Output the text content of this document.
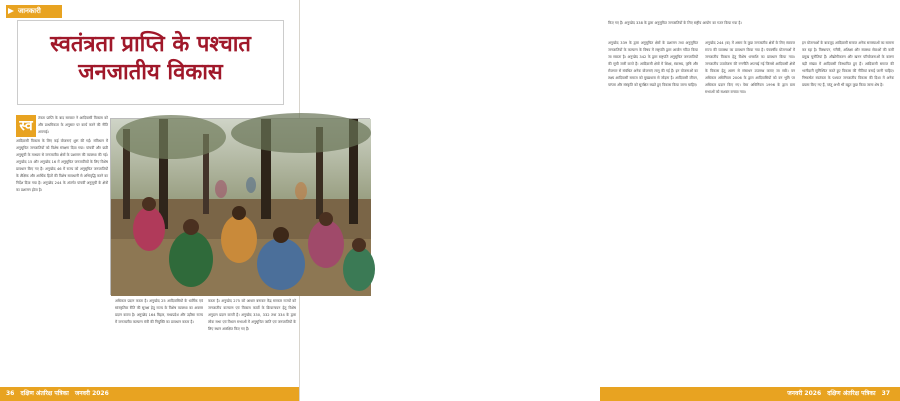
जानकारी
स्वतंत्रता प्राप्ति के पश्चात
जनजातीय विकास
स्व	तंत्रता प्राप्ति के बाद सरकार ने आदिवासी विकास को और प्राथमिकता के अनुसार पर कार्य करने की नीति अपनाई।
आदिवासी विकास के लिए कई योजनाएं शुरू की गईं। संविधान में अनुसूचित जनजातियों को विशेष संरक्षण दिया गया। पांचवीं और छठी अनुसूची के माध्यम से जनजातीय क्षेत्रों के प्रशासन की व्यवस्था की गई। अनुच्छेद 15 और अनुच्छेद 16 में अनुसूचित जनजातियों के लिए विशेष प्रावधान किए गए हैं। अनुच्छेद 46 में राज्य को अनुसूचित जनजातियों के शैक्षिक और आर्थिक हितों की विशेष सावधानी से अभिवृद्धि करने का निर्देश दिया गया है। अनुच्छेद 244 के अंतर्गत पांचवीं अनुसूची के क्षेत्रों का प्रशासन होता है।
अधिकार प्रदान करता है। अनुच्छेद 25 आदिवासियों के धार्मिक एवं सांस्कृतिक रीति की सुरक्षा हेतु राज्य के विशेष व्यवस्था का अवसर प्रदान करता है। अनुच्छेद 164 बिहार, मध्यप्रदेश और उड़ीसा राज्य में जनजातीय कल्याण मंत्री की नियुक्ति का प्रावधान करता है।
करता है। अनुच्छेद 275 को आधार बनाकर केंद्र सरकार राज्यों को जनजातीय कल्याण एवं विकास कार्यों के क्रियान्वयन हेतु विशेष अनुदान प्रदान करती है। अनुच्छेद 330, 332 तथा 334 के द्वारा लोक सभा एवं विधान सभाओं में अनुसूचित जाति एवं जनजातियों के लिए स्थान आरक्षित किए गए हैं।
36 दक्षिण अंतरिक्ष पत्रिका जनवरी 2026
किए गए हैं। अनुच्छेद 338 के द्वारा अनुसूचित जनजातियों के लिए राष्ट्रीय आयोग का गठन किया गया है।
अनुच्छेद 339 के द्वारा अनुसूचित क्षेत्रों के प्रशासन तथा अनुसूचित जनजातियों के कल्याण के विषय में राष्ट्रपति द्वारा आयोग गठित किया जा सकता है। अनुच्छेद 342 के द्वारा राष्ट्रपति अनुसूचित जनजातियों की सूची जारी करते हैं। आदिवासी क्षेत्रों में शिक्षा, स्वास्थ्य, कृषि और रोजगार से संबंधित अनेक योजनाएं लागू की गई हैं। इन योजनाओं का लक्ष्य आदिवासी समाज को मुख्यधारा से जोड़ना है। आदिवासी जीवन, परंपरा और संस्कृति को सुरक्षित रखते हुए विकास किया जाना चाहिए।
अनुच्छेद 244 (क) में असम के कुछ जनजातीय क्षेत्रों के लिए स्वायत्त राज्य की व्यवस्था का प्रावधान किया गया है। पंचवर्षीय योजनाओं में जनजातीय विकास हेतु विशेष धनराशि का प्रावधान किया गया। जनजातीय उपयोजना की रणनीति अपनाई गई जिससे आदिवासी क्षेत्रों के विकास हेतु अलग से संसाधन उपलब्ध कराए जा सकें। वन अधिकार अधिनियम 2006 के द्वारा आदिवासियों को वन भूमि पर अधिकार प्रदान किए गए। पेसा अधिनियम 1996 के द्वारा ग्राम सभाओं को सशक्त बनाया गया।
इन योजनाओं के बावजूद आदिवासी समाज अनेक समस्याओं का सामना कर रहा है। विस्थापन, गरीबी, अशिक्षा और स्वास्थ्य सेवाओं की कमी प्रमुख चुनौतियां हैं। औद्योगीकरण और खनन परियोजनाओं के कारण बड़ी संख्या में आदिवासी विस्थापित हुए हैं। आदिवासी समाज की भागीदारी सुनिश्चित करते हुए विकास की नीतियां बनाई जानी चाहिए। निष्कर्षतः स्वतंत्रता के पश्चात जनजातीय विकास की दिशा में अनेक प्रयास किए गए हैं, परंतु अभी भी बहुत कुछ किया जाना शेष है।
जनवरी 2026 दक्षिण अंतरिक्ष पत्रिका 37
